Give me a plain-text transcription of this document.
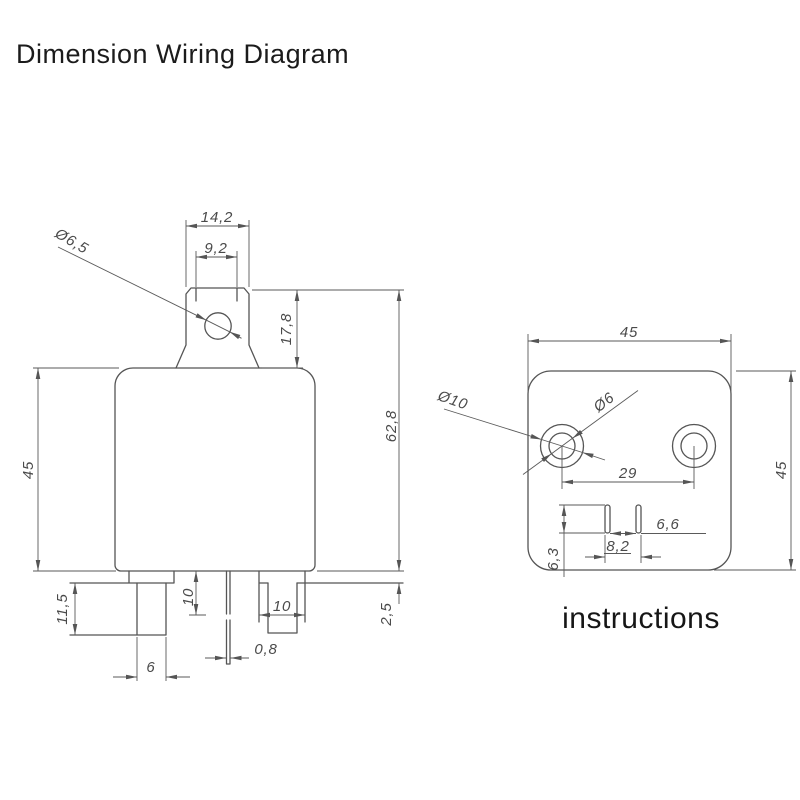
Dimension Wiring Diagram
45
14,2
9,2
Ø6,5
17,8
62,8
2,5
11,5	10
10
6
0,8
45
45
Ø10	Ø6
29
6,6
8,2
6,3
instructions
